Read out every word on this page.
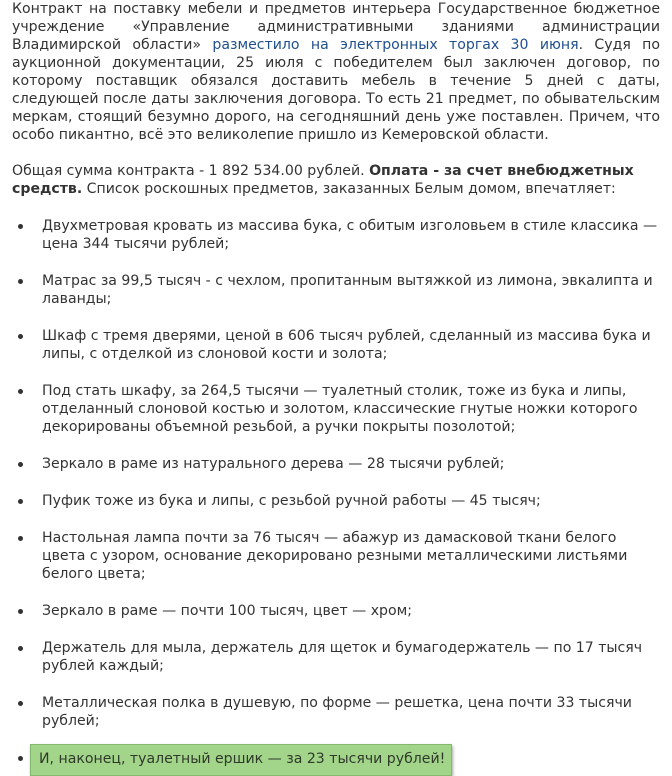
Контракт на поставку мебели и предметов интерьера Государственное бюджетное учреждение «Управление административными зданиями администрации Владимирской области» разместило на электронных торгах 30 июня. Судя по аукционной документации, 25 июля с победителем был заключен договор, по которому поставщик обязался доставить мебель в течение 5 дней с даты, следующей после даты заключения договора. То есть 21 предмет, по обывательским меркам, стоящий безумно дорого, на сегодняшний день уже поставлен. Причем, что особо пикантно, всё это великолепие пришло из Кемеровской области.

Общая сумма контракта - 1 892 534.00 рублей. Оплата - за счет внебюджетных средств. Список роскошных предметов, заказанных Белым домом, впечатляет:

Двухметровая кровать из массива бука, с обитым изголовьем в стиле классика — цена 344 тысячи рублей;
Матрас за 99,5 тысяч - с чехлом, пропитанным вытяжкой из лимона, эвкалипта и лаванды;
Шкаф с тремя дверями, ценой в 606 тысяч рублей, сделанный из массива бука и липы, с отделкой из слоновой кости и золота;
Под стать шкафу, за 264,5 тысячи — туалетный столик, тоже из бука и липы, отделанный слоновой костью и золотом, классические гнутые ножки которого декорированы объемной резьбой, а ручки покрыты позолотой;
Зеркало в раме из натурального дерева — 28 тысячи рублей;
Пуфик тоже из бука и липы, с резьбой ручной работы — 45 тысяч;
Настольная лампа почти за 76 тысяч — абажур из дамасковой ткани белого цвета с узором, основание декорировано резными металлическими листьями белого цвета;
Зеркало в раме — почти 100 тысяч, цвет — хром;
Держатель для мыла, держатель для щеток и бумагодержатель — по 17 тысяч рублей каждый;
Металлическая полка в душевую, по форме — решетка, цена почти 33 тысячи рублей;
И, наконец, туалетный ершик — за 23 тысячи рублей!
